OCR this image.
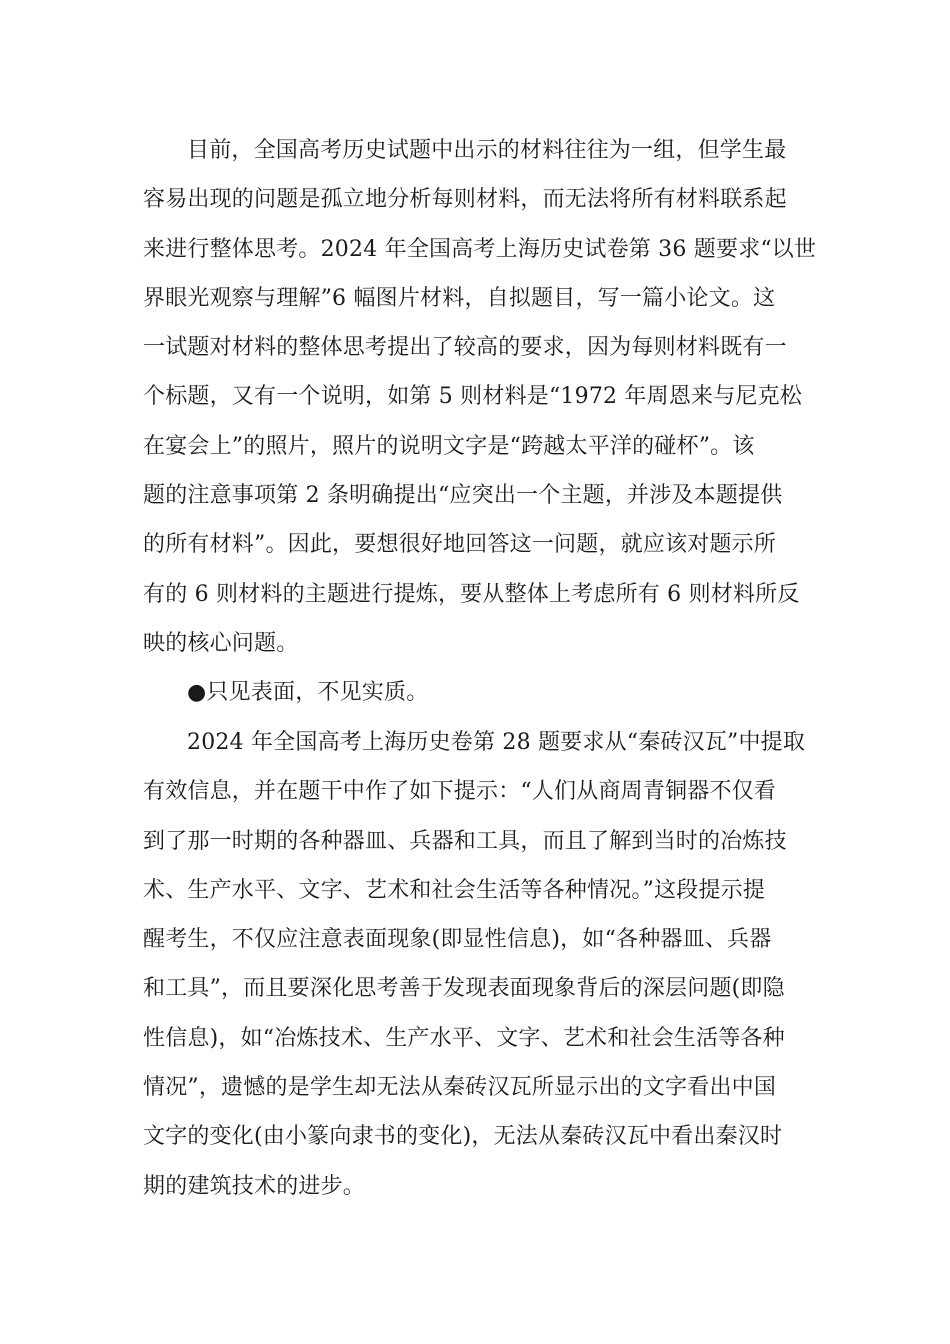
目前，全国高考历史试题中出示的材料往往为一组，但学生最
容易出现的问题是孤立地分析每则材料，而无法将所有材料联系起
来进行整体思考。2024 年全国高考上海历史试卷第 36 题要求“以世
界眼光观察与理解”6 幅图片材料，自拟题目，写一篇小论文。这
一试题对材料的整体思考提出了较高的要求，因为每则材料既有一
个标题，又有一个说明，如第 5 则材料是“1972 年周恩来与尼克松
在宴会上”的照片，照片的说明文字是“跨越太平洋的碰杯”。该
题的注意事项第 2 条明确提出“应突出一个主题，并涉及本题提供
的所有材料”。因此，要想很好地回答这一问题，就应该对题示所
有的 6 则材料的主题进行提炼，要从整体上考虑所有 6 则材料所反
映的核心问题。
●只见表面，不见实质。
2024 年全国高考上海历史卷第 28 题要求从“秦砖汉瓦”中提取
有效信息，并在题干中作了如下提示：“人们从商周青铜器不仅看
到了那一时期的各种器皿、兵器和工具，而且了解到当时的冶炼技
术、生产水平、文字、艺术和社会生活等各种情况。”这段提示提
醒考生，不仅应注意表面现象(即显性信息)，如“各种器皿、兵器
和工具”，而且要深化思考善于发现表面现象背后的深层问题(即隐
性信息)，如“冶炼技术、生产水平、文字、艺术和社会生活等各种
情况”，遗憾的是学生却无法从秦砖汉瓦所显示出的文字看出中国
文字的变化(由小篆向隶书的变化)，无法从秦砖汉瓦中看出秦汉时
期的建筑技术的进步。
